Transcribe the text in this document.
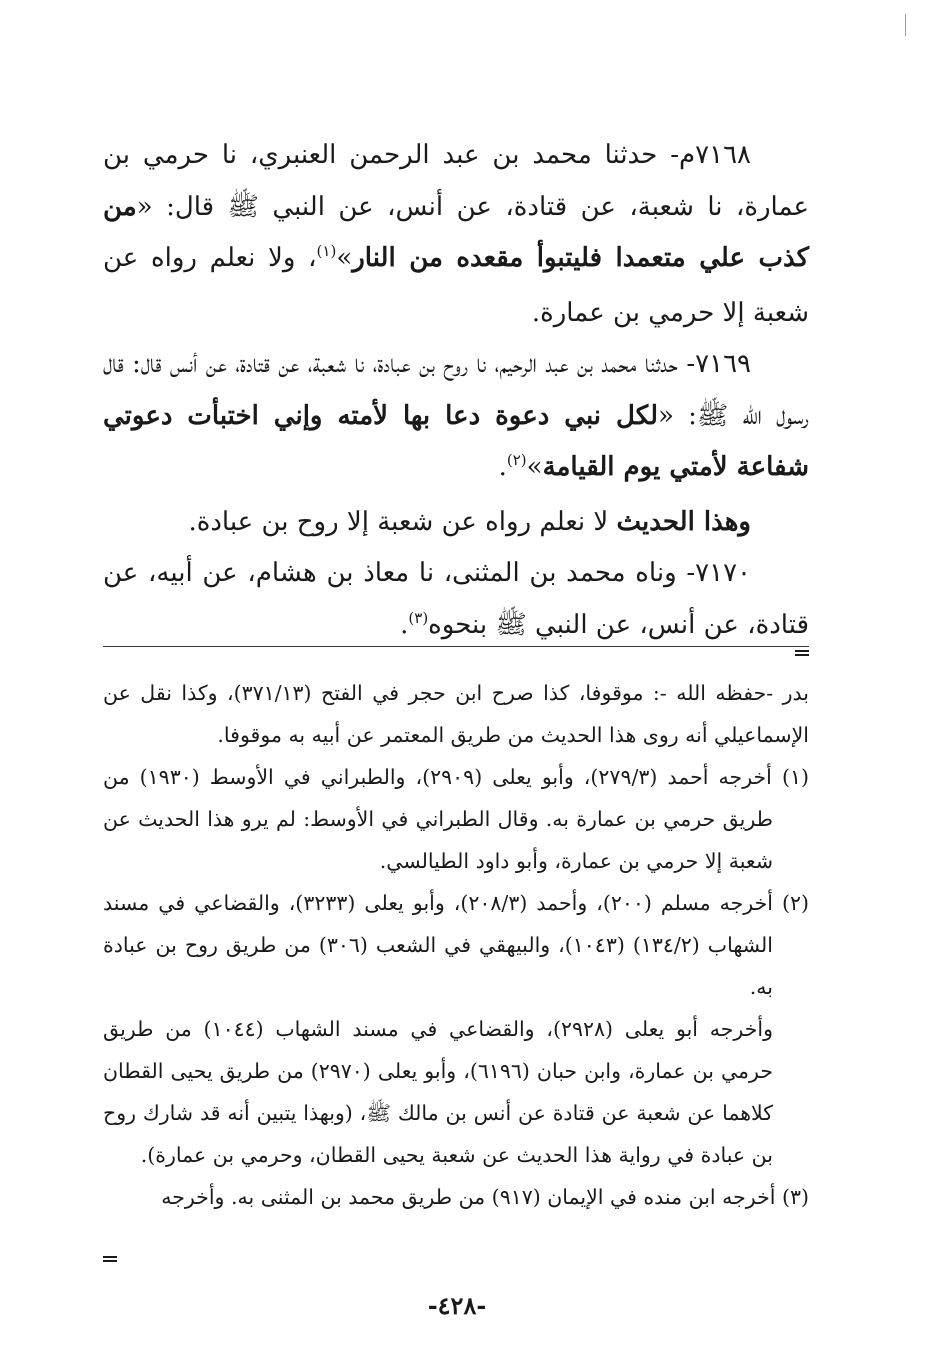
٧١٦٨م- حدثنا محمد بن عبد الرحمن العنبري، نا حرمي بن عمارة، نا شعبة، عن قتادة، عن أنس، عن النبي ﷺ قال: «من كذب علي متعمدا فليتبوأ مقعده من النار»$^{(١)}$، ولا نعلم رواه عن شعبة إلا حرمي بن عمارة.

٧١٦٩- حدثنا محمد بن عبد الرحيم، نا روح بن عبادة، نا شعبة، عن قتادة، عن أنس قال: قال رسول الله ﷺ: «لكل نبي دعوة دعا بها لأمته وإني اختبأت دعوتي شفاعة لأمتي يوم القيامة»$^{(٢)}$.

وهذا الحديث لا نعلم رواه عن شعبة إلا روح بن عبادة.

٧١٧٠- وناه محمد بن المثنى، نا معاذ بن هشام، عن أبيه، عن قتادة، عن أنس، عن النبي ﷺ بنحوه$^{(٣)}$.

بدر -حفظه الله -: موقوفا، كذا صرح ابن حجر في الفتح (٣٧١/١٣)، وكذا نقل عن الإسماعيلي أنه روى هذا الحديث من طريق المعتمر عن أبيه به موقوفا.

(١) أخرجه أحمد (٢٧٩/٣)، وأبو يعلى (٢٩٠٩)، والطبراني في الأوسط (١٩٣٠) من طريق حرمي بن عمارة به. وقال الطبراني في الأوسط: لم يرو هذا الحديث عن شعبة إلا حرمي بن عمارة، وأبو داود الطيالسي.

(٢) أخرجه مسلم (٢٠٠)، وأحمد (٢٠٨/٣)، وأبو يعلى (٣٢٣٣)، والقضاعي في مسند الشهاب (١٣٤/٢) (١٠٤٣)، والبيهقي في الشعب (٣٠٦) من طريق روح بن عبادة به.

وأخرجه أبو يعلى (٢٩٢٨)، والقضاعي في مسند الشهاب (١٠٤٤) من طريق حرمي بن عمارة، وابن حبان (٦١٩٦)، وأبو يعلى (٢٩٧٠) من طريق يحيى القطان كلاهما عن شعبة عن قتادة عن أنس بن مالك ﷺ، (وبهذا يتبين أنه قد شارك روح بن عبادة في رواية هذا الحديث عن شعبة يحيى القطان، وحرمي بن عمارة).

(٣) أخرجه ابن منده في الإيمان (٩١٧) من طريق محمد بن المثنى به. وأخرجه

-٤٢٨-
